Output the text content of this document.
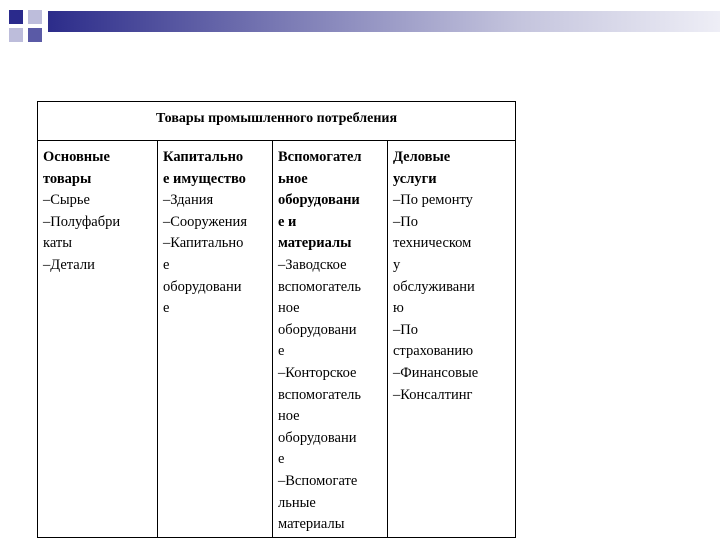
Товары промышленного потребления
Основные
товары
–Сырье
–Полуфабри
каты
–Детали
Капитально
е имущество
–Здания
–Сооружения
–Капитально
е
оборудовани
е
Вспомогател
ьное
оборудовани
е и
материалы
–Заводское
вспомогатель
ное
оборудовани
е
–Конторское
вспомогатель
ное
оборудовани
е
–Вспомогате
льные
материалы
Деловые
услуги
–По ремонту
–По
техническом
у
обслуживани
ю
–По
страхованию
–Финансовые
–Консалтинг
